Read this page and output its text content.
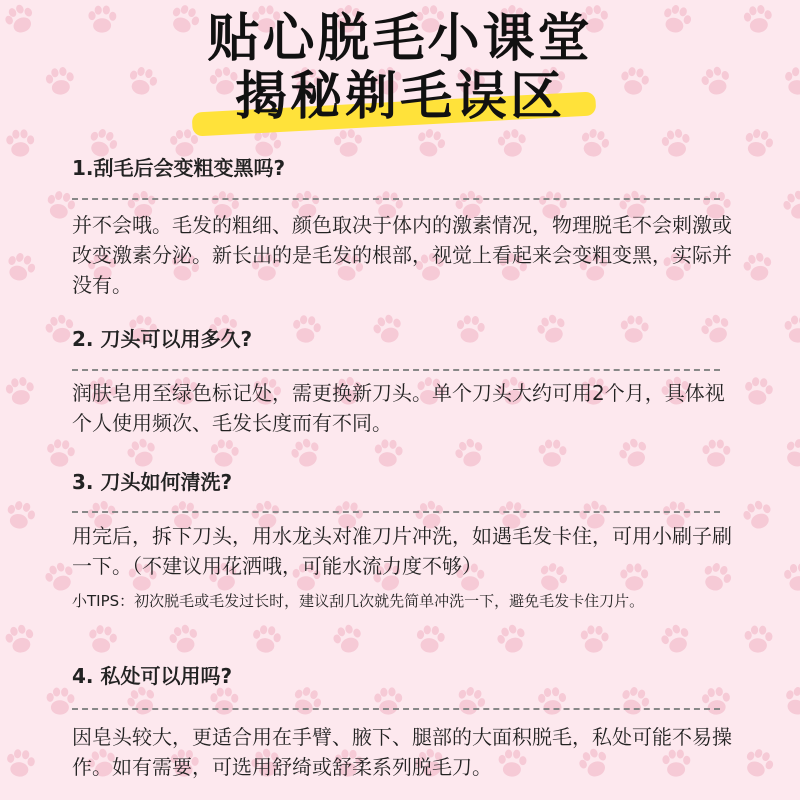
贴心脱毛小课堂
揭秘剃毛误区
1.刮毛后会变粗变黑吗?
并不会哦。毛发的粗细、颜色取决于体内的激素情况，物理脱毛不会刺激或改变激素分泌。新长出的是毛发的根部，视觉上看起来会变粗变黑，实际并没有。
2. 刀头可以用多久?
润肤皂用至绿色标记处，需更换新刀头。单个刀头大约可用2个月，具体视个人使用频次、毛发长度而有不同。
3. 刀头如何清洗?
用完后，拆下刀头，用水龙头对准刀片冲洗，如遇毛发卡住，可用小刷子刷一下。（不建议用花洒哦，可能水流力度不够）
小TIPS：初次脱毛或毛发过长时，建议刮几次就先简单冲洗一下，避免毛发卡住刀片。
4. 私处可以用吗?
因皂头较大，更适合用在手臂、腋下、腿部的大面积脱毛，私处可能不易操作。如有需要，可选用舒绮或舒柔系列脱毛刀。
